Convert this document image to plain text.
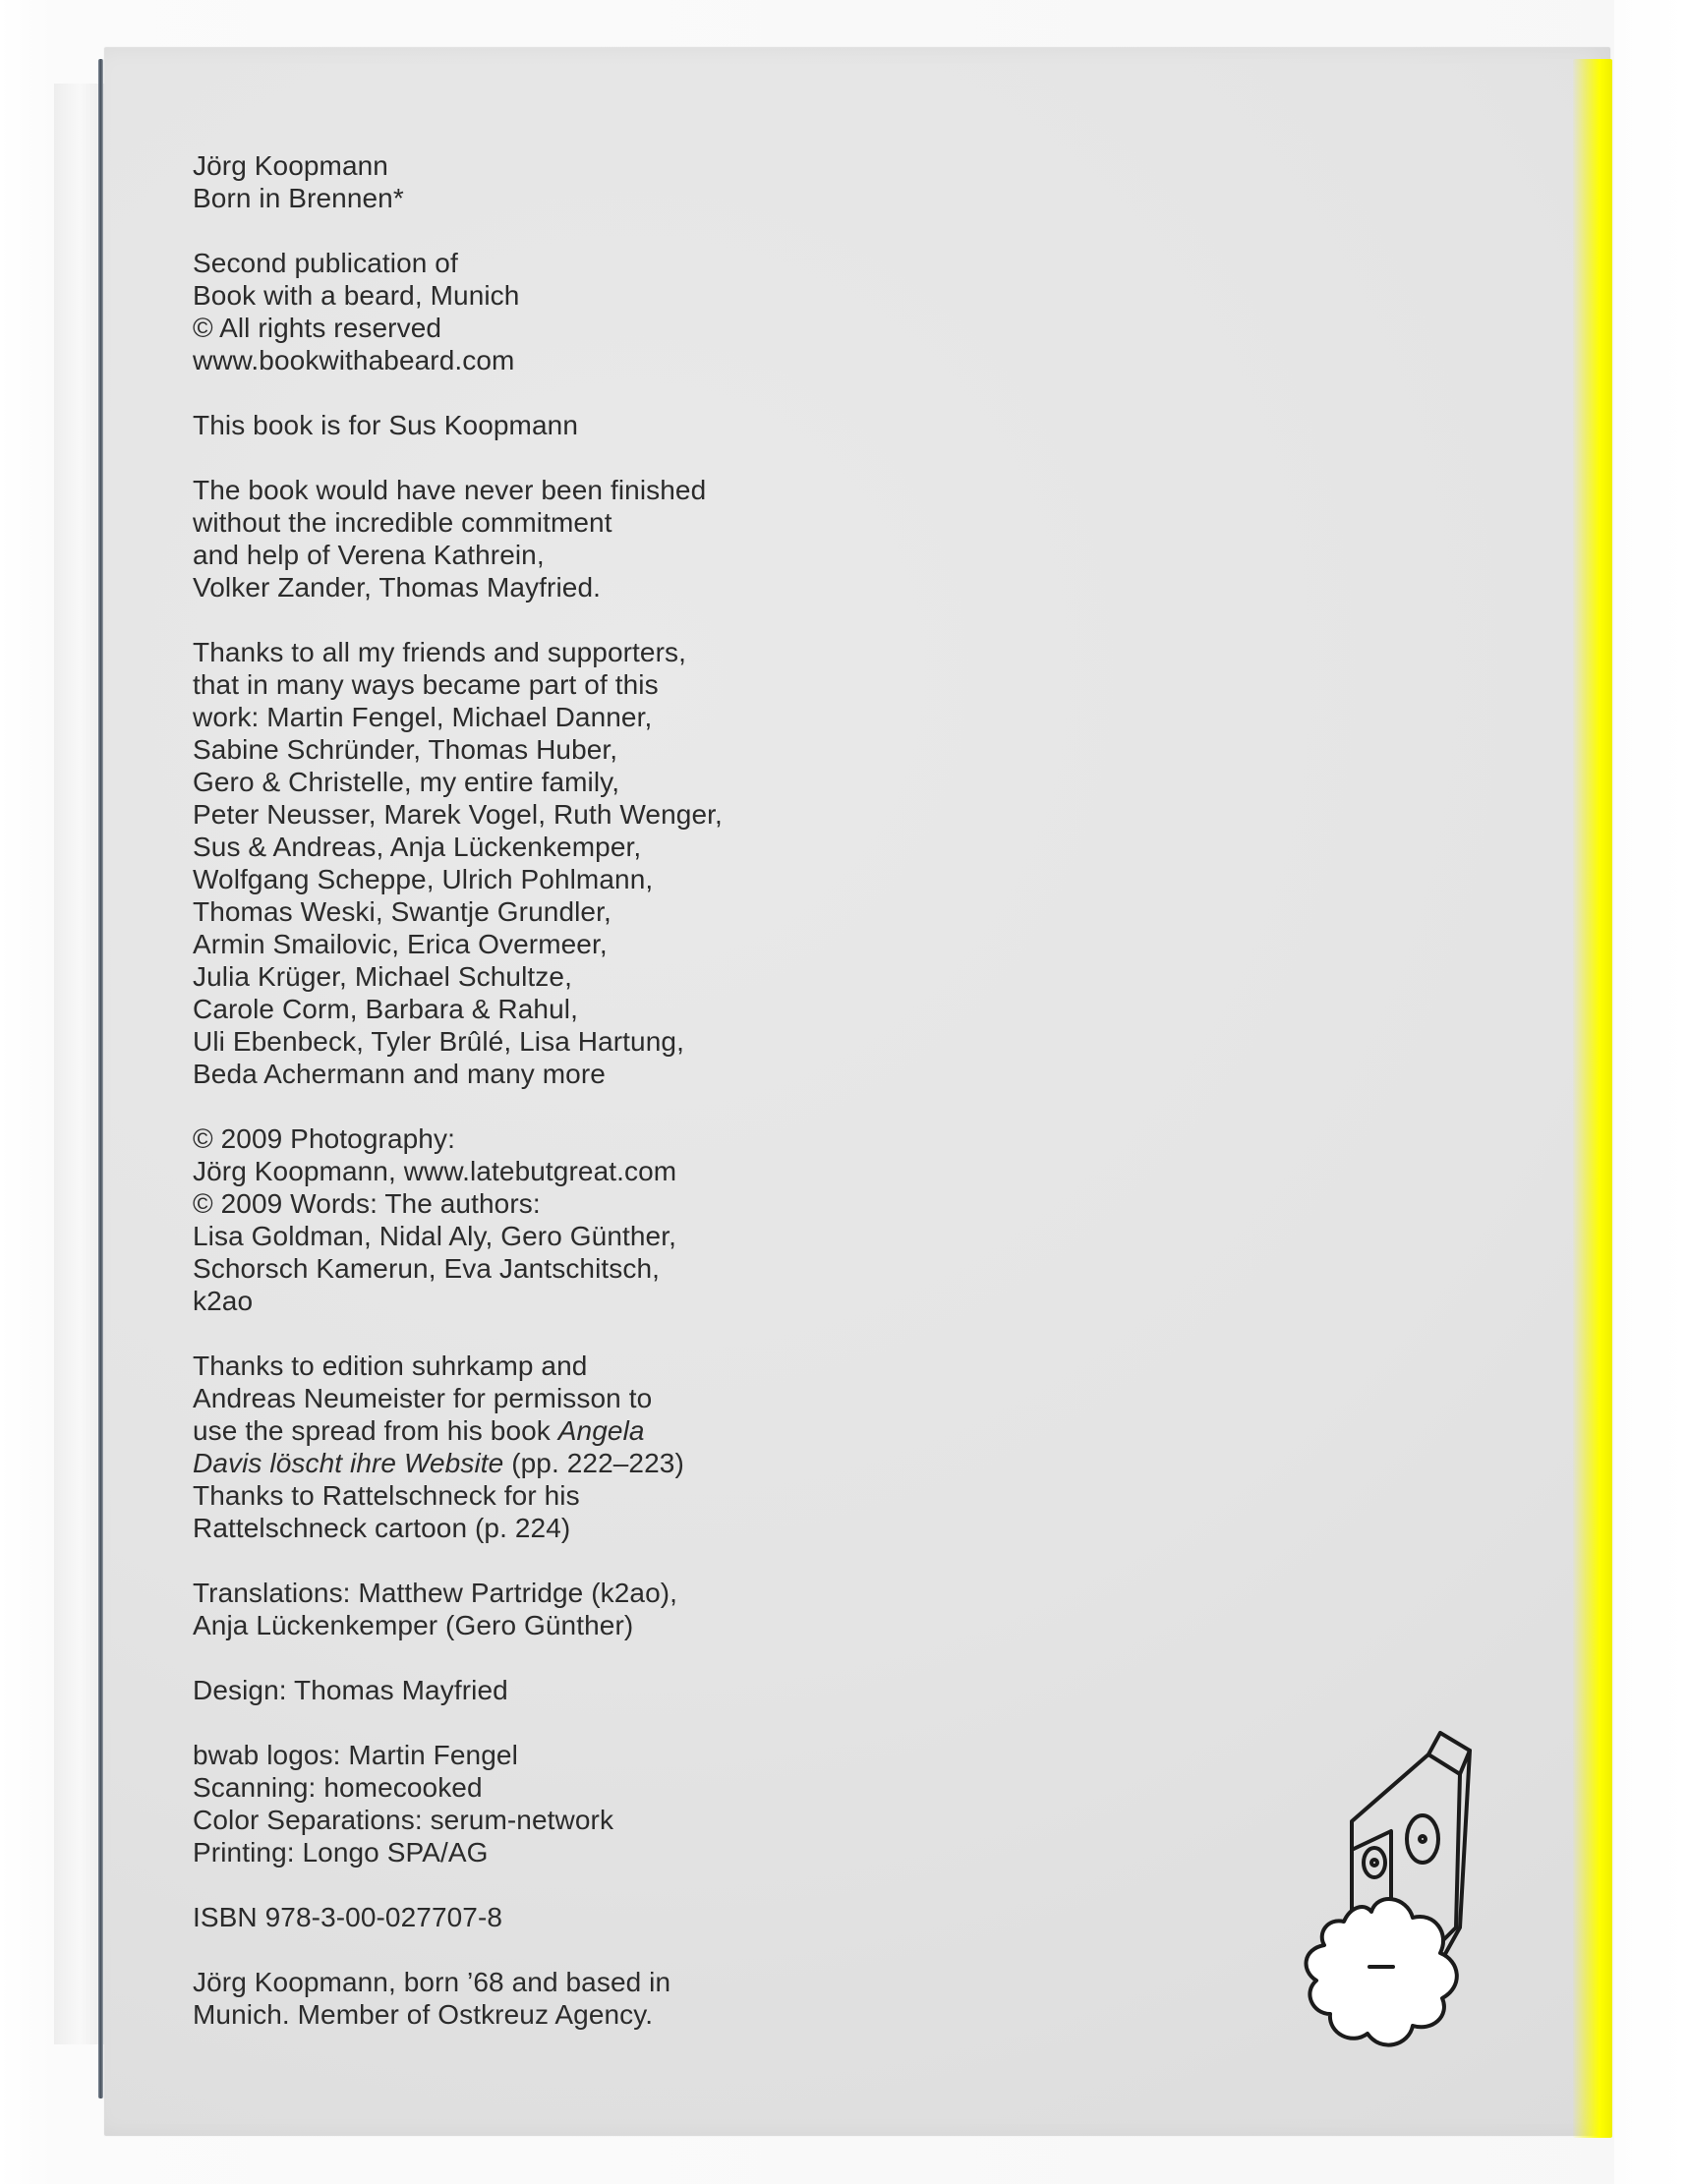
Jörg Koopmann
Born in Brennen*
Second publication of
Book with a beard, Munich
© All rights reserved
www.bookwithabeard.com
This book is for Sus Koopmann
The book would have never been finished
without the incredible commitment
and help of Verena Kathrein,
Volker Zander, Thomas Mayfried.
Thanks to all my friends and supporters,
that in many ways became part of this
work: Martin Fengel, Michael Danner,
Sabine Schründer, Thomas Huber,
Gero & Christelle, my entire family,
Peter Neusser, Marek Vogel, Ruth Wenger,
Sus & Andreas, Anja Lückenkemper,
Wolfgang Scheppe, Ulrich Pohlmann,
Thomas Weski, Swantje Grundler,
Armin Smailovic, Erica Overmeer,
Julia Krüger, Michael Schultze,
Carole Corm, Barbara & Rahul,
Uli Ebenbeck, Tyler Brûlé, Lisa Hartung,
Beda Achermann and many more
© 2009 Photography:
Jörg Koopmann, www.latebutgreat.com
© 2009 Words: The authors:
Lisa Goldman, Nidal Aly, Gero Günther,
Schorsch Kamerun, Eva Jantschitsch,
k2ao
Thanks to edition suhrkamp and
Andreas Neumeister for permisson to
use the spread from his book Angela
Davis löscht ihre Website (pp. 222–223)
Thanks to Rattelschneck for his
Rattelschneck cartoon (p. 224)
Translations: Matthew Partridge (k2ao),
Anja Lückenkemper (Gero Günther)
Design: Thomas Mayfried
bwab logos: Martin Fengel
Scanning: homecooked
Color Separations: serum-network
Printing: Longo SPA/AG
ISBN 978-3-00-027707-8
Jörg Koopmann, born ’68 and based in
Munich. Member of Ostkreuz Agency.
